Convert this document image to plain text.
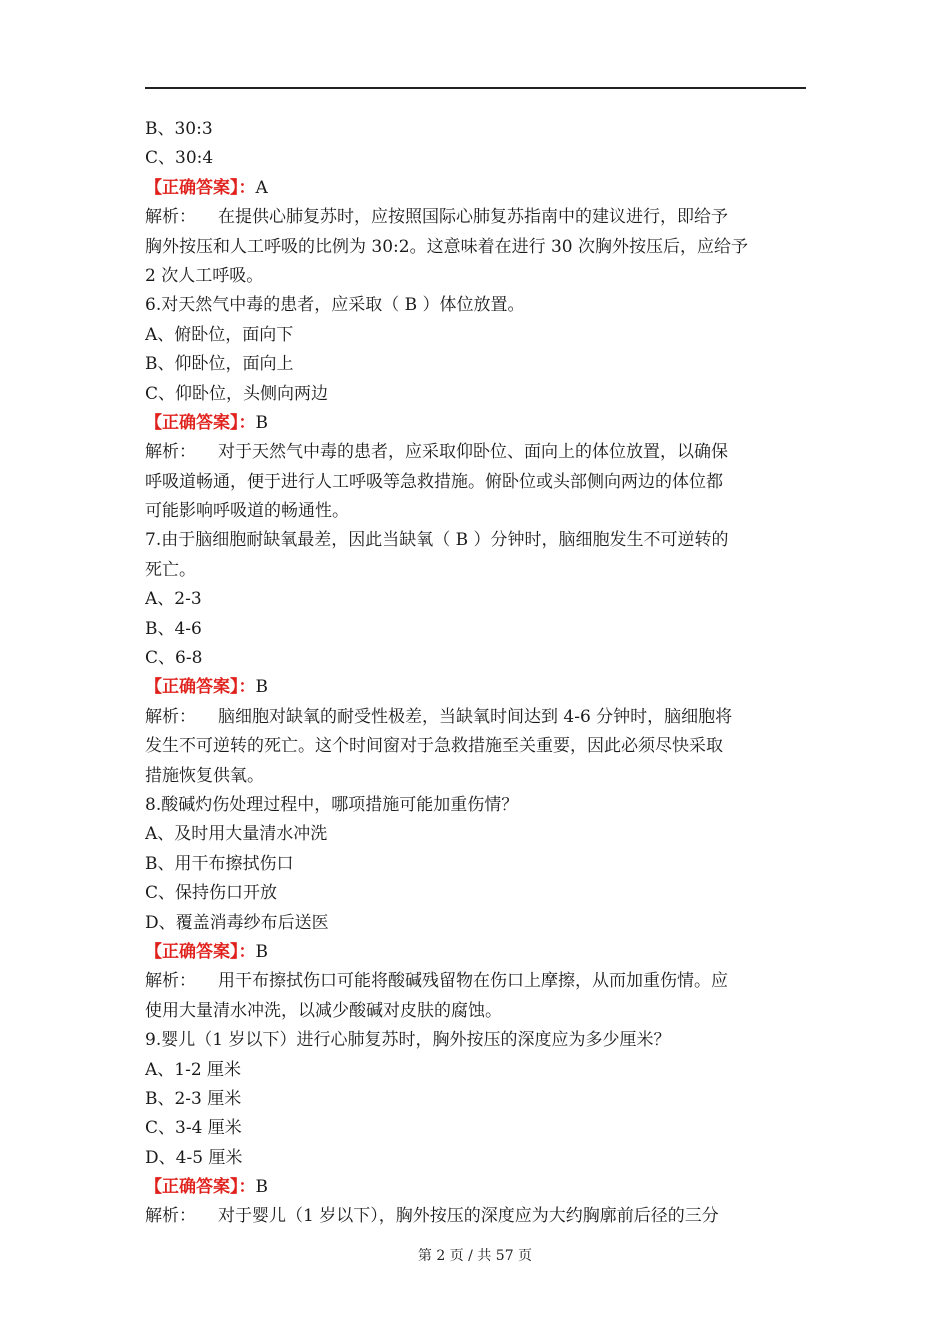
B、30:3
C、30:4
【正确答案】：A
解析： 在提供心肺复苏时，应按照国际心肺复苏指南中的建议进行，即给予
胸外按压和人工呼吸的比例为 30:2。这意味着在进行 30 次胸外按压后，应给予
2 次人工呼吸。
6.对天然气中毒的患者，应采取（ B ）体位放置。
A、俯卧位，面向下
B、仰卧位，面向上
C、仰卧位，头侧向两边
【正确答案】：B
解析： 对于天然气中毒的患者，应采取仰卧位、面向上的体位放置，以确保
呼吸道畅通，便于进行人工呼吸等急救措施。俯卧位或头部侧向两边的体位都
可能影响呼吸道的畅通性。
7.由于脑细胞耐缺氧最差，因此当缺氧（ B ）分钟时，脑细胞发生不可逆转的
死亡。
A、2-3
B、4-6
C、6-8
【正确答案】：B
解析： 脑细胞对缺氧的耐受性极差，当缺氧时间达到 4-6 分钟时，脑细胞将
发生不可逆转的死亡。这个时间窗对于急救措施至关重要，因此必须尽快采取
措施恢复供氧。
8.酸碱灼伤处理过程中，哪项措施可能加重伤情？
A、及时用大量清水冲洗
B、用干布擦拭伤口
C、保持伤口开放
D、覆盖消毒纱布后送医
【正确答案】：B
解析： 用干布擦拭伤口可能将酸碱残留物在伤口上摩擦，从而加重伤情。应
使用大量清水冲洗，以减少酸碱对皮肤的腐蚀。
9.婴儿（1 岁以下）进行心肺复苏时，胸外按压的深度应为多少厘米？
A、1-2 厘米
B、2-3 厘米
C、3-4 厘米
D、4-5 厘米
【正确答案】：B
解析： 对于婴儿（1 岁以下），胸外按压的深度应为大约胸廓前后径的三分
第 2 页 / 共 57 页
